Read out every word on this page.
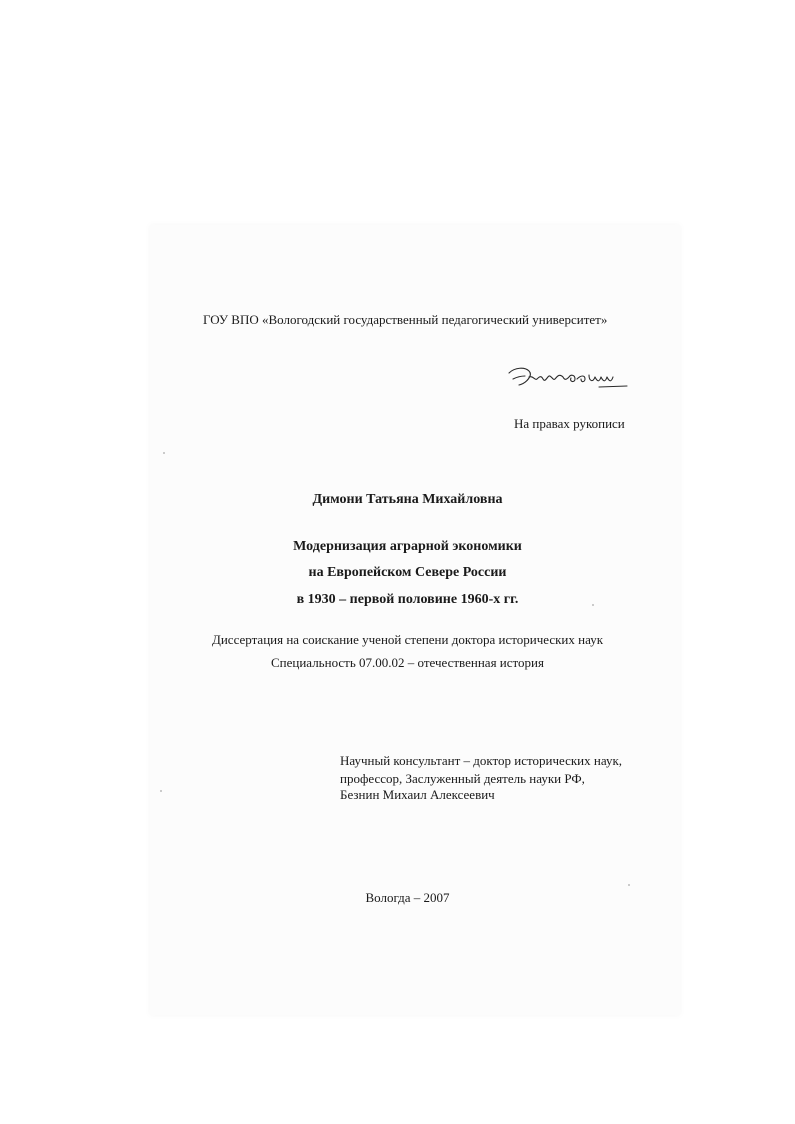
ГОУ ВПО «Вологодский государственный педагогический университет»
На правах рукописи
Димони Татьяна Михайловна
Модернизация аграрной экономики
на Европейском Севере России
в 1930 – первой половине 1960-х гг.
Диссертация на соискание ученой степени доктора исторических наук
Специальность 07.00.02 – отечественная история
Научный консультант – доктор исторических наук,
профессор, Заслуженный деятель науки РФ,
Безнин Михаил Алексеевич
Вологда – 2007
